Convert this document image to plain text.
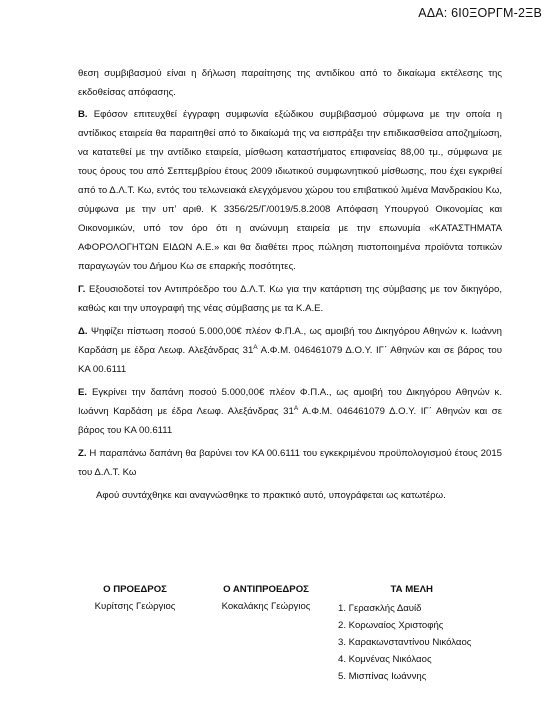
ΑΔΑ: 6Ι0ΞΟΡΓΜ-2ΞΒ

θεση συμβιβασμού είναι η δήλωση παραίτησης της αντιδίκου από το δικαίωμα εκτέλεσης της εκδοθείσας απόφασης.

Β. Εφόσον επιτευχθεί έγγραφη συμφωνία εξώδικου συμβιβασμού σύμφωνα με την οποία η αντίδικος εταιρεία θα παραιτηθεί από το δικαίωμά της να εισπράξει την επιδικασθείσα αποζημίωση, να κατατεθεί με την αντίδικο εταιρεία, μίσθωση καταστήματος επιφανείας 88,00 τμ., σύμφωνα με τους όρους του από Σεπτεμβρίου έτους 2009 ιδιωτικού συμφωνητικού μίσθωσης, που έχει εγκριθεί από το Δ.Λ.Τ. Κω, εντός του τελωνειακά ελεγχόμενου χώρου του επιβατικού λιμένα Μανδρακίου Κω, σύμφωνα με την υπ’ αριθ. Κ 3356/25/Γ/0019/5.8.2008 Απόφαση Υπουργού Οικονομίας και Οικονομικών, υπό τον όρο ότι η ανώνυμη εταιρεία με την επωνυμία «ΚΑΤΑΣΤΗΜΑΤΑ ΑΦΟΡΟΛΟΓΗΤΩΝ ΕΙΔΩΝ Α.Ε.» και θα διαθέτει προς πώληση πιστοποιημένα προϊόντα τοπικών παραγωγών του Δήμου Κω σε επαρκής ποσότητες.

Γ. Εξουσιοδοτεί τον Αντιπρόεδρο του Δ.Λ.Τ. Κω για την κατάρτιση της σύμβασης με τον δικηγόρο, καθώς και την υπογραφή της νέας σύμβασης με τα Κ.Α.Ε.

Δ. Ψηφίζει πίστωση ποσού 5.000,00€ πλέον Φ.Π.Α., ως αμοιβή του Δικηγόρου Αθηνών κ. Ιωάννη Καρδάση με έδρα Λεωφ. Αλεξάνδρας $31^A$ Α.Φ.Μ. 046461079 Δ.Ο.Υ. ΙΓ΄ Αθηνών και σε βάρος του ΚΑ 00.6111

Ε. Εγκρίνει την δαπάνη ποσού 5.000,00€ πλέον Φ.Π.Α., ως αμοιβή του Δικηγόρου Αθηνών κ. Ιωάννη Καρδάση με έδρα Λεωφ. Αλεξάνδρας $31^A$ Α.Φ.Μ. 046461079 Δ.Ο.Υ. ΙΓ΄ Αθηνών και σε βάρος του ΚΑ 00.6111

Ζ. Η παραπάνω δαπάνη θα βαρύνει τον ΚΑ 00.6111 του εγκεκριμένου προϋπολογισμού έτους 2015 του Δ.Λ.Τ. Κω

Αφού συντάχθηκε και αναγνώσθηκε το πρακτικό αυτό, υπογράφεται ως κατωτέρω.

Ο ΠΡΟΕΔΡΟΣ
Κυρίτσης Γεώργιος
Ο ΑΝΤΙΠΡΟΕΔΡΟΣ
Κοκαλάκης Γεώργιος
ΤΑ ΜΕΛΗ
1. Γερασκλής Δαυίδ
2. Κορωναίος Χριστοφής
3. Καρακωνσταντίνου Νικόλαος
4. Κομνένας Νικόλαος
5. Μισπίνας Ιωάννης
